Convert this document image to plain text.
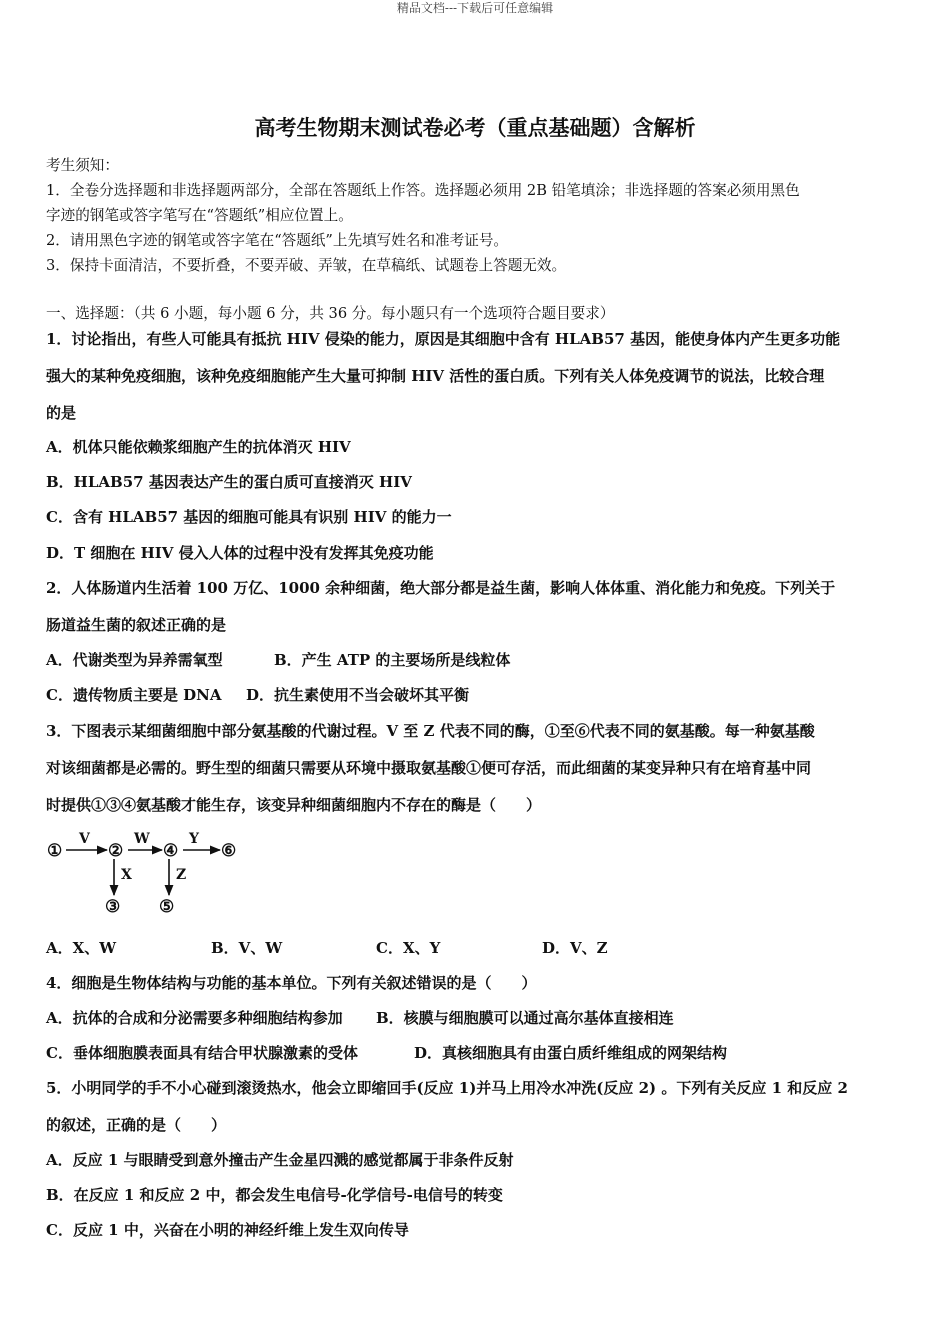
精品文档---下载后可任意编辑
高考生物期末测试卷必考（重点基础题）含解析
考生须知：
1．全卷分选择题和非选择题两部分，全部在答题纸上作答。选择题必须用 2B 铅笔填涂；非选择题的答案必须用黑色
字迹的钢笔或答字笔写在“答题纸”相应位置上。
2．请用黑色字迹的钢笔或答字笔在“答题纸”上先填写姓名和准考证号。
3．保持卡面清洁，不要折叠，不要弄破、弄皱，在草稿纸、试题卷上答题无效。
一、选择题：（共 6 小题，每小题 6 分，共 36 分。每小题只有一个选项符合题目要求）
1．讨论指出，有些人可能具有抵抗 HIV 侵染的能力，原因是其细胞中含有 HLAB57 基因，能使身体内产生更多功能
强大的某种免疫细胞，该种免疫细胞能产生大量可抑制 HIV 活性的蛋白质。下列有关人体免疫调节的说法，比较合理
的是
A．机体只能依赖浆细胞产生的抗体消灭 HIV
B．HLAB57 基因表达产生的蛋白质可直接消灭 HIV
C．含有 HLAB57 基因的细胞可能具有识别 HIV 的能力一
D．T 细胞在 HIV 侵入人体的过程中没有发挥其免疫功能
2．人体肠道内生活着 100 万亿、1000 余种细菌，绝大部分都是益生菌，影响人体体重、消化能力和免疫。下列关于
肠道益生菌的叙述正确的是
A．代谢类型为异养需氧型	B．产生 ATP 的主要场所是线粒体
C．遗传物质主要是 DNA D．抗生素使用不当会破坏其平衡
3．下图表示某细菌细胞中部分氨基酸的代谢过程。V 至 Z 代表不同的酶，①至⑥代表不同的氨基酸。每一种氨基酸
对该细菌都是必需的。野生型的细菌只需要从环境中摄取氨基酸①便可存活，而此细菌的某变异种只有在培育基中同
时提供①③④氨基酸才能生存，该变异种细菌细胞内不存在的酶是（　　）
①	② ④	⑥
③ ⑤
V	W	Y
X	Z
A．X、W	B．V、W	C．X、Y	D．V、Z
4．细胞是生物体结构与功能的基本单位。下列有关叙述错误的是（　　）
A．抗体的合成和分泌需要多种细胞结构参加 B．核膜与细胞膜可以通过高尔基体直接相连
C．垂体细胞膜表面具有结合甲状腺激素的受体	D．真核细胞具有由蛋白质纤维组成的网架结构
5．小明同学的手不小心碰到滚烫热水，他会立即缩回手(反应 1)并马上用冷水冲洗(反应 2) 。下列有关反应 1 和反应 2
的叙述，正确的是（　　）
A．反应 1 与眼睛受到意外撞击产生金星四溅的感觉都属于非条件反射
B．在反应 1 和反应 2 中，都会发生电信号-化学信号-电信号的转变
C．反应 1 中，兴奋在小明的神经纤维上发生双向传导
